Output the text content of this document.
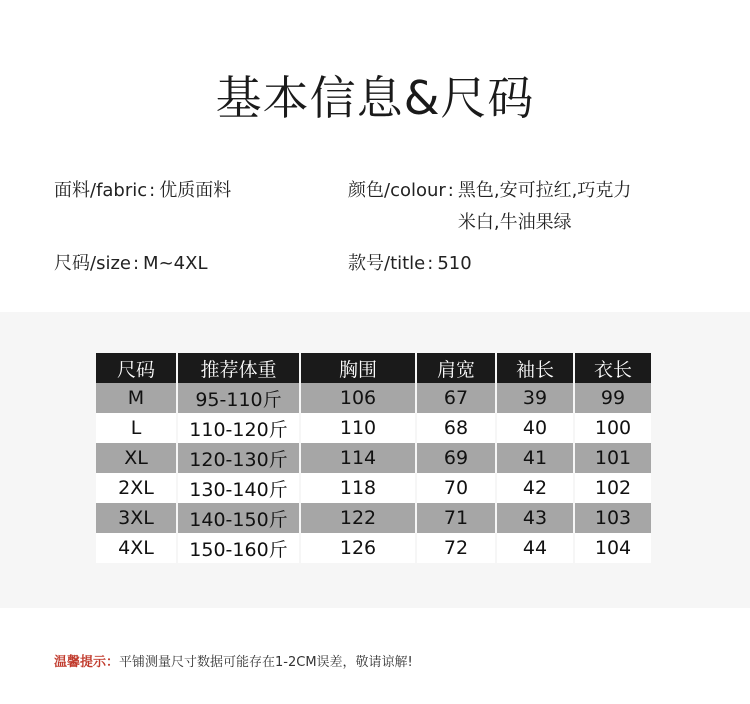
基本信息&尺码
面料/fabric : 优质面料	颜色/colour : 黑色,安可拉红,巧克力
米白,牛油果绿
尺码/size : M~4XL	款号/title : 510
尺码	推荐体重	胸围	肩宽	袖长	衣长
M	95-110斤	106	67	39	99
L	110-120斤	110	68	40	100
XL	120-130斤	114	69	41	101
2XL	130-140斤	118	70	42	102
3XL	140-150斤	122	71	43	103
4XL	150-160斤	126	72	44	104
温馨提示：平铺测量尺寸数据可能存在1-2CM误差，敬请谅解!
